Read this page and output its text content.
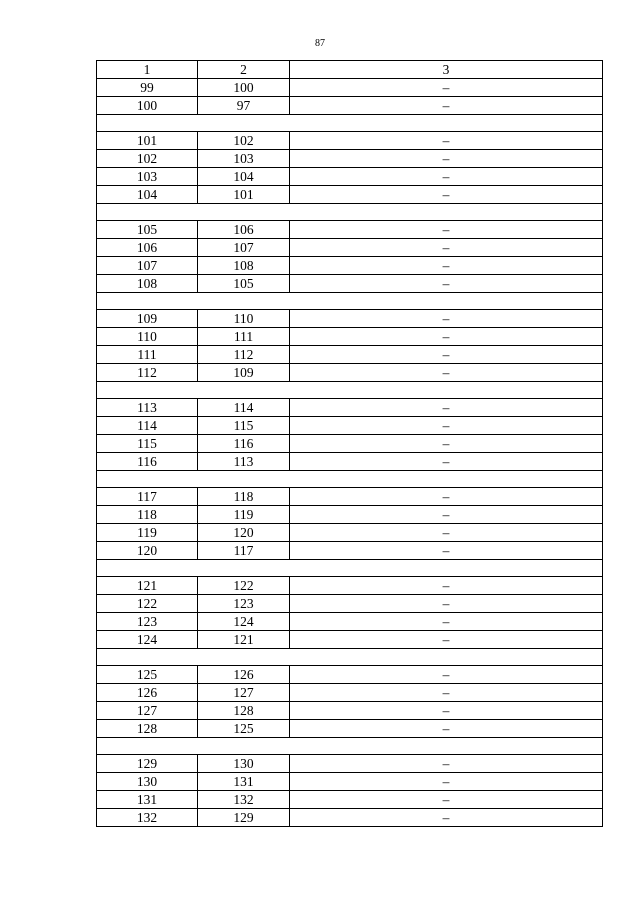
87
1	2	3
99	100	–
100	97	–

101	102	–
102	103	–
103	104	–
104	101	–

105	106	–
106	107	–
107	108	–
108	105	–

109	110	–
110	111	–
111	112	–
112	109	–

113	114	–
114	115	–
115	116	–
116	113	–

117	118	–
118	119	–
119	120	–
120	117	–

121	122	–
122	123	–
123	124	–
124	121	–

125	126	–
126	127	–
127	128	–
128	125	–

129	130	–
130	131	–
131	132	–
132	129	–
